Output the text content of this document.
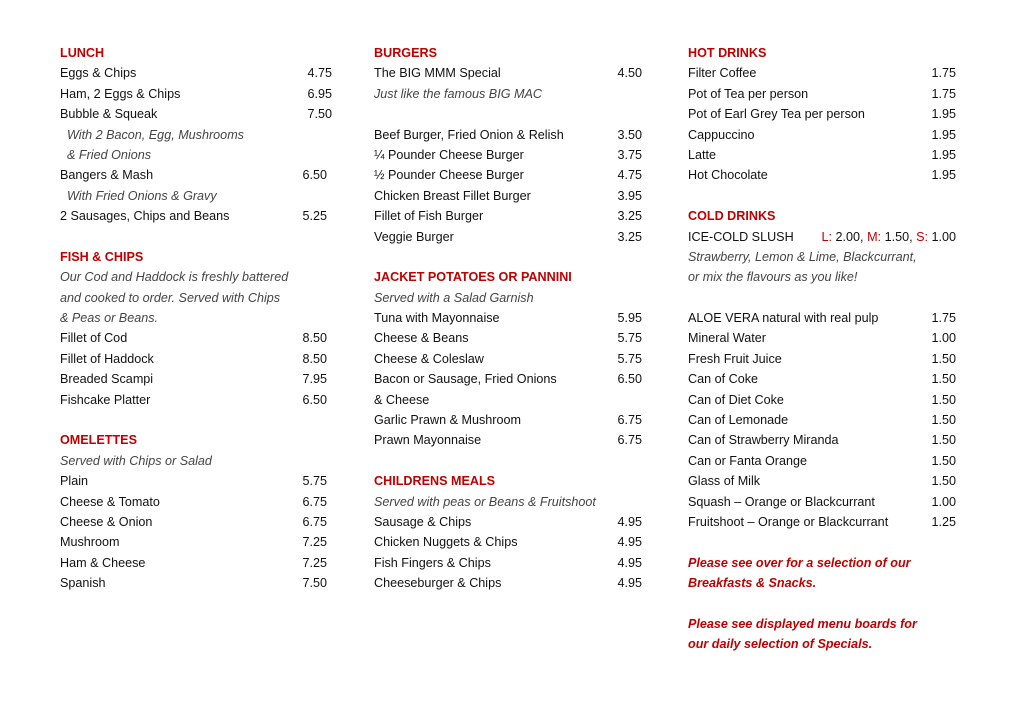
LUNCH
Eggs & Chips	4.75
Ham, 2 Eggs & Chips	6.95
Bubble & Squeak	7.50
With 2 Bacon, Egg, Mushrooms
& Fried Onions
Bangers & Mash	6.50
With Fried Onions & Gravy
2 Sausages, Chips and Beans	5.25
FISH & CHIPS
Our Cod and Haddock is freshly battered
and cooked to order. Served with Chips
& Peas or Beans.
Fillet of Cod	8.50
Fillet of Haddock	8.50
Breaded Scampi	7.95
Fishcake Platter	6.50
OMELETTES
Served with Chips or Salad
Plain	5.75
Cheese & Tomato	6.75
Cheese & Onion	6.75
Mushroom	7.25
Ham & Cheese	7.25
Spanish	7.50
BURGERS
The BIG MMM Special	4.50
Just like the famous BIG MAC
Beef Burger, Fried Onion & Relish	3.50
¼ Pounder Cheese Burger	3.75
½ Pounder Cheese Burger	4.75
Chicken Breast Fillet Burger	3.95
Fillet of Fish Burger	3.25
Veggie Burger	3.25
JACKET POTATOES OR PANNINI
Served with a Salad Garnish
Tuna with Mayonnaise	5.95
Cheese & Beans	5.75
Cheese & Coleslaw	5.75
Bacon or Sausage, Fried Onions	6.50
& Cheese
Garlic Prawn & Mushroom	6.75
Prawn Mayonnaise	6.75
CHILDRENS MEALS
Served with peas or Beans & Fruitshoot
Sausage & Chips	4.95
Chicken Nuggets & Chips	4.95
Fish Fingers & Chips	4.95
Cheeseburger & Chips	4.95
HOT DRINKS
Filter Coffee	1.75
Pot of Tea per person	1.75
Pot of Earl Grey Tea per person	1.95
Cappuccino	1.95
Latte	1.95
Hot Chocolate	1.95
COLD DRINKS
ICE-COLD SLUSH L: 2.00, M: 1.50, S: 1.00
Strawberry, Lemon & Lime, Blackcurrant,
or mix the flavours as you like!
ALOE VERA natural with real pulp	1.75
Mineral Water	1.00
Fresh Fruit Juice	1.50
Can of Coke	1.50
Can of Diet Coke	1.50
Can of Lemonade	1.50
Can of Strawberry Miranda	1.50
Can or Fanta Orange	1.50
Glass of Milk	1.50
Squash – Orange or Blackcurrant	1.00
Fruitshoot – Orange or Blackcurrant	1.25
Please see over for a selection of our
Breakfasts & Snacks.
Please see displayed menu boards for
our daily selection of Specials.
